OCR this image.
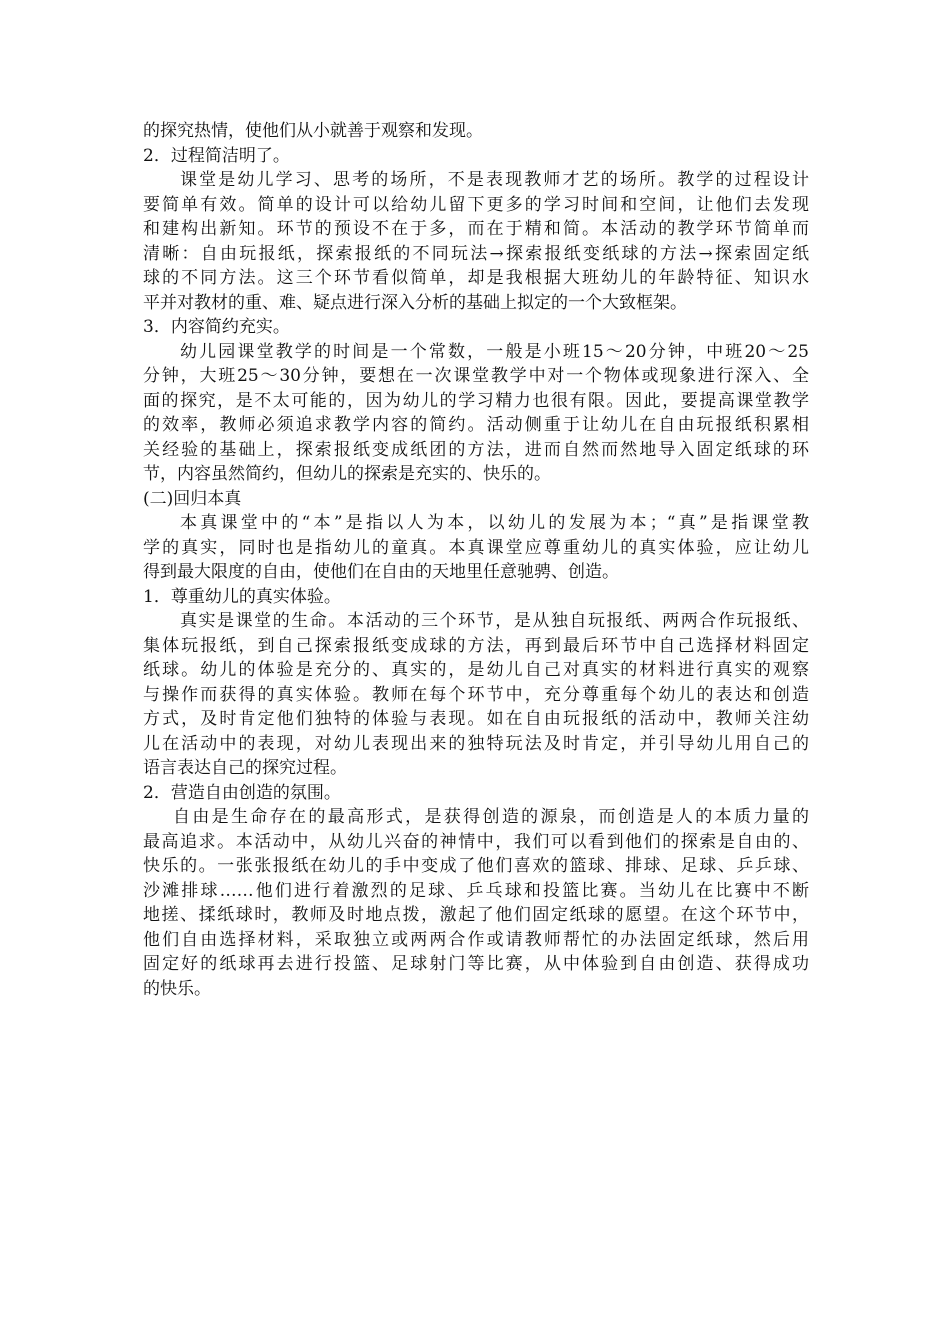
的探究热情，使他们从小就善于观察和发现。
2．过程简洁明了。
课堂是幼儿学习、思考的场所，不是表现教师才艺的场所。教学的过程设计
要简单有效。简单的设计可以给幼儿留下更多的学习时间和空间，让他们去发现
和建构出新知。环节的预设不在于多，而在于精和简。本活动的教学环节简单而
清晰：自由玩报纸，探索报纸的不同玩法→探索报纸变纸球的方法→探索固定纸
球的不同方法。这三个环节看似简单，却是我根据大班幼儿的年龄特征、知识水
平并对教材的重、难、疑点进行深入分析的基础上拟定的一个大致框架。
3．内容简约充实。
幼儿园课堂教学的时间是一个常数，一般是小班15～20分钟，中班20～25
分钟，大班25～30分钟，要想在一次课堂教学中对一个物体或现象进行深入、全
面的探究，是不太可能的，因为幼儿的学习精力也很有限。因此，要提高课堂教学
的效率，教师必须追求教学内容的简约。活动侧重于让幼儿在自由玩报纸积累相
关经验的基础上，探索报纸变成纸团的方法，进而自然而然地导入固定纸球的环
节，内容虽然简约，但幼儿的探索是充实的、快乐的。
(二)回归本真
本真课堂中的“本”是指以人为本，以幼儿的发展为本；“真”是指课堂教
学的真实，同时也是指幼儿的童真。本真课堂应尊重幼儿的真实体验，应让幼儿
得到最大限度的自由，使他们在自由的天地里任意驰骋、创造。
1．尊重幼儿的真实体验。
真实是课堂的生命。本活动的三个环节，是从独自玩报纸、两两合作玩报纸、
集体玩报纸，到自己探索报纸变成球的方法，再到最后环节中自己选择材料固定
纸球。幼儿的体验是充分的、真实的，是幼儿自己对真实的材料进行真实的观察
与操作而获得的真实体验。教师在每个环节中，充分尊重每个幼儿的表达和创造
方式，及时肯定他们独特的体验与表现。如在自由玩报纸的活动中，教师关注幼
儿在活动中的表现，对幼儿表现出来的独特玩法及时肯定，并引导幼儿用自己的
语言表达自己的探究过程。
2．营造自由创造的氛围。
自由是生命存在的最高形式，是获得创造的源泉，而创造是人的本质力量的
最高追求。本活动中，从幼儿兴奋的神情中，我们可以看到他们的探索是自由的、
快乐的。一张张报纸在幼儿的手中变成了他们喜欢的篮球、排球、足球、乒乒球、
沙滩排球……他们进行着激烈的足球、乒乓球和投篮比赛。当幼儿在比赛中不断
地搓、揉纸球时，教师及时地点拨，激起了他们固定纸球的愿望。在这个环节中，
他们自由选择材料，采取独立或两两合作或请教师帮忙的办法固定纸球，然后用
固定好的纸球再去进行投篮、足球射门等比赛，从中体验到自由创造、获得成功
的快乐。
